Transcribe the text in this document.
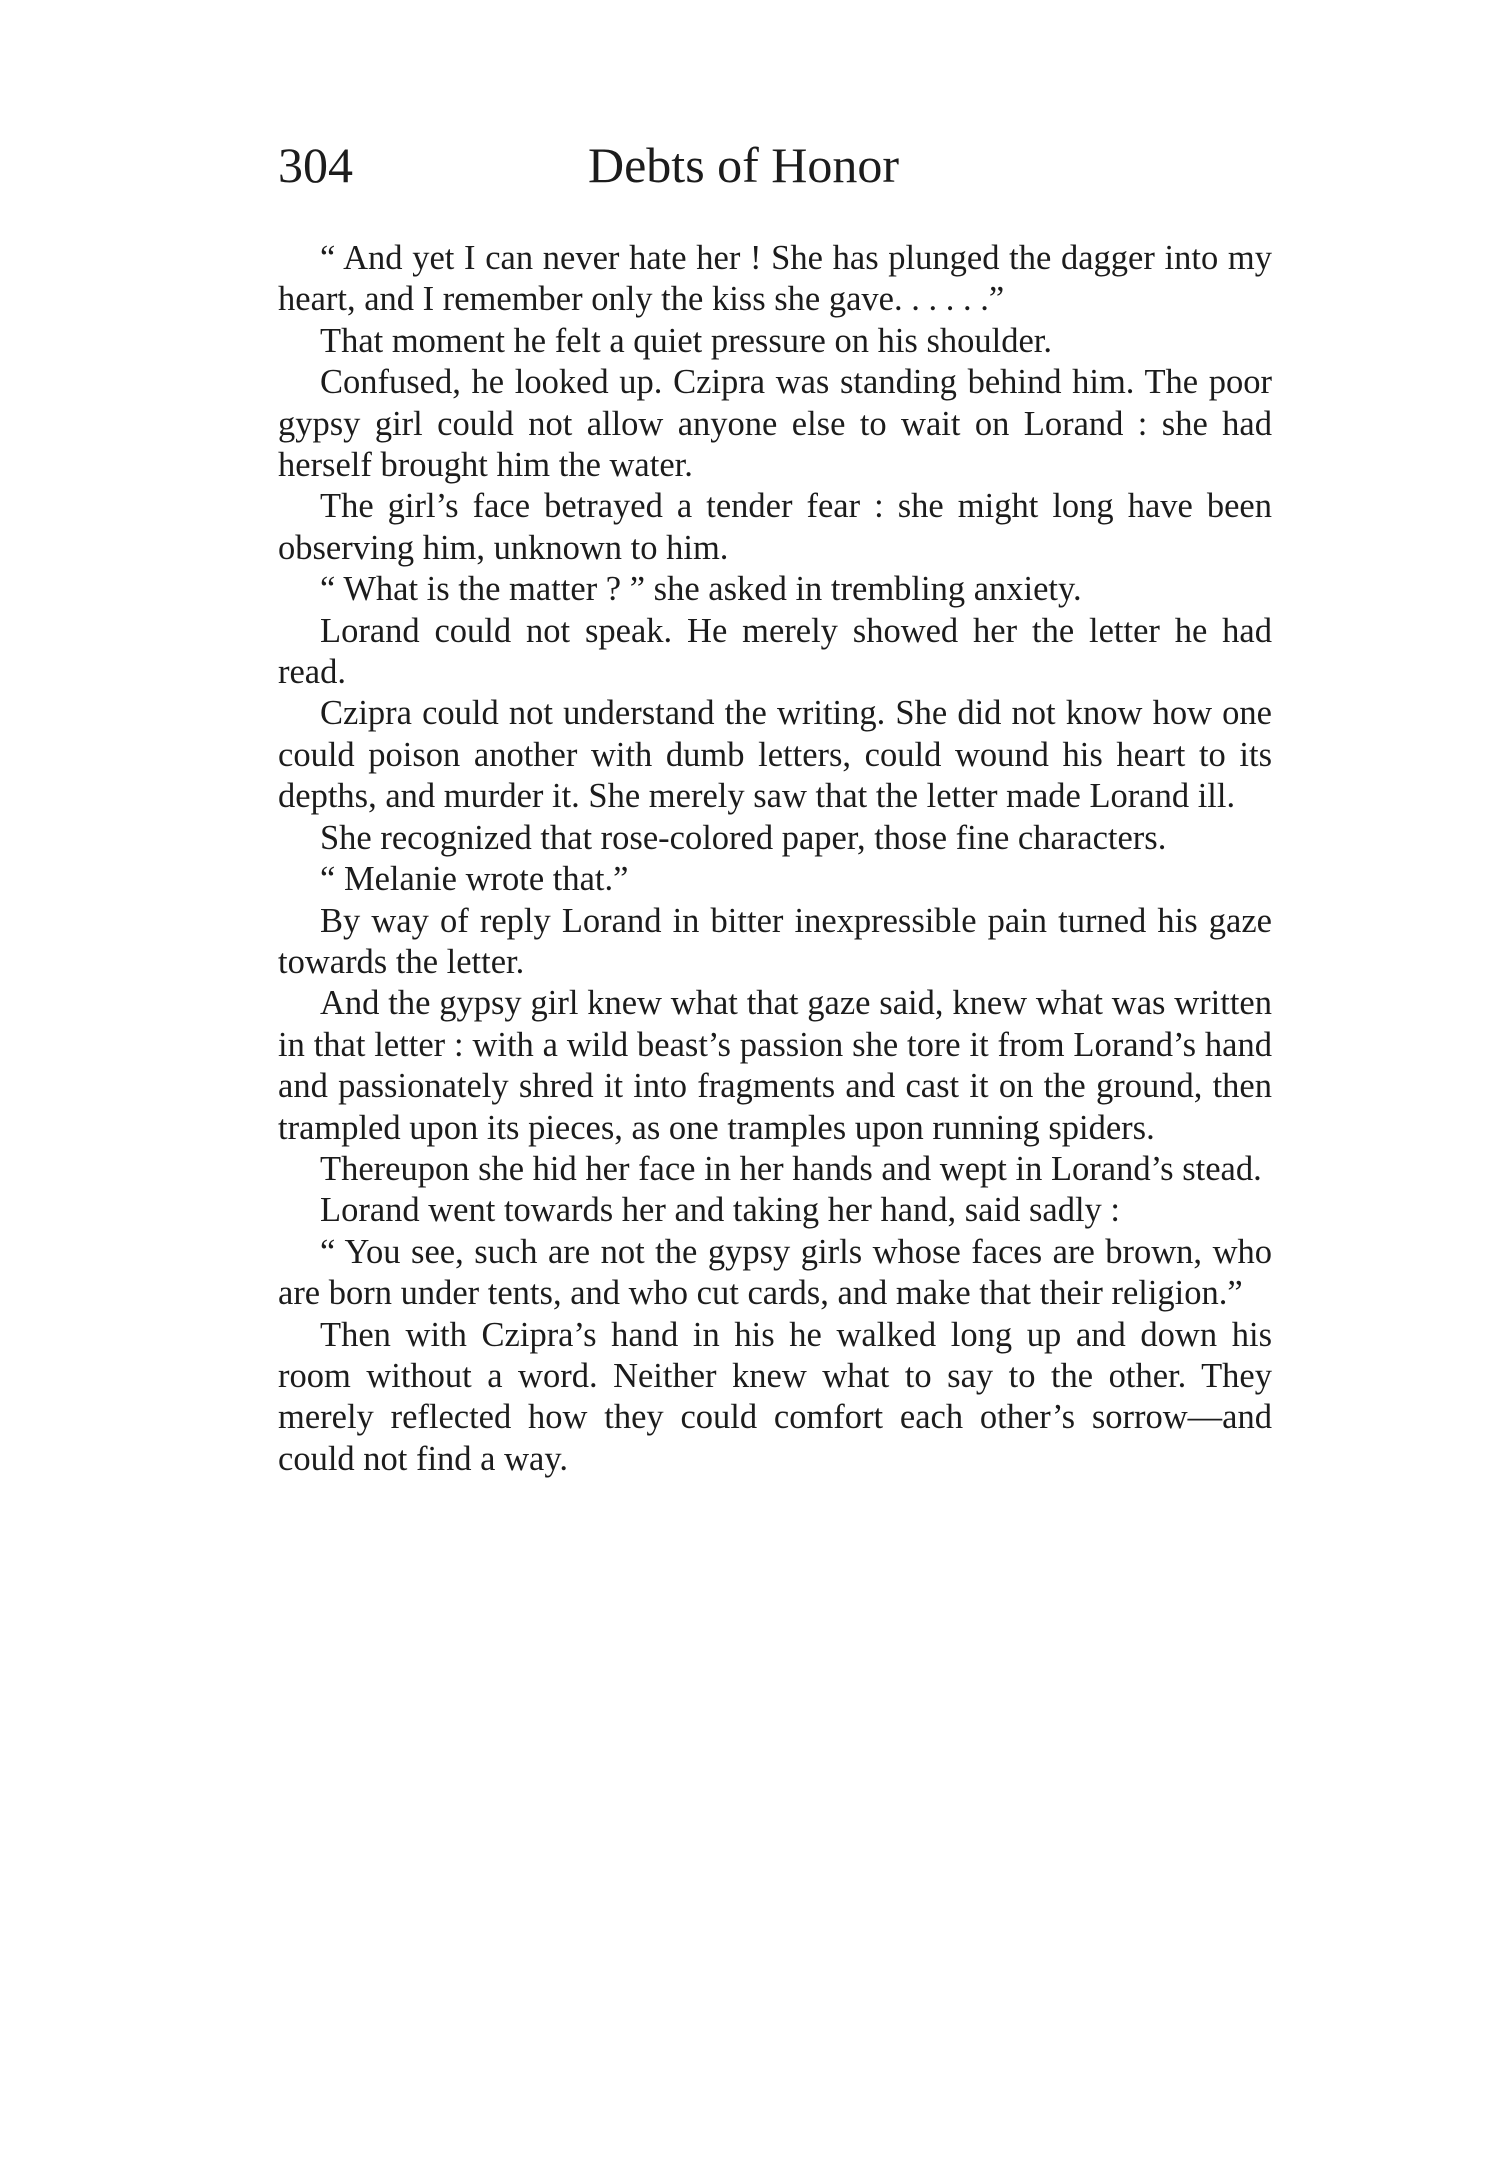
304	Debts of Honor

“ And yet I can never hate her ! She has plunged the dagger into my heart, and I remember only the kiss she gave. . . . . .”

That moment he felt a quiet pressure on his shoulder.

Confused, he looked up. Czipra was standing behind him. The poor gypsy girl could not allow anyone else to wait on Lorand : she had herself brought him the water.

The girl’s face betrayed a tender fear : she might long have been observing him, unknown to him.

“ What is the matter ? ” she asked in trembling anxiety.

Lorand could not speak. He merely showed her the letter he had read.

Czipra could not understand the writing. She did not know how one could poison another with dumb letters, could wound his heart to its depths, and murder it. She merely saw that the letter made Lorand ill.

She recognized that rose-colored paper, those fine characters.

“ Melanie wrote that.”

By way of reply Lorand in bitter inexpressible pain turned his gaze towards the letter.

And the gypsy girl knew what that gaze said, knew what was written in that letter : with a wild beast’s passion she tore it from Lorand’s hand and passionately shred it into fragments and cast it on the ground, then trampled upon its pieces, as one tramples upon running spiders.

Thereupon she hid her face in her hands and wept in Lorand’s stead.

Lorand went towards her and taking her hand, said sadly :

“ You see, such are not the gypsy girls whose faces are brown, who are born under tents, and who cut cards, and make that their religion.”

Then with Czipra’s hand in his he walked long up and down his room without a word. Neither knew what to say to the other. They merely reflected how they could comfort each other’s sorrow—and could not find a way.
